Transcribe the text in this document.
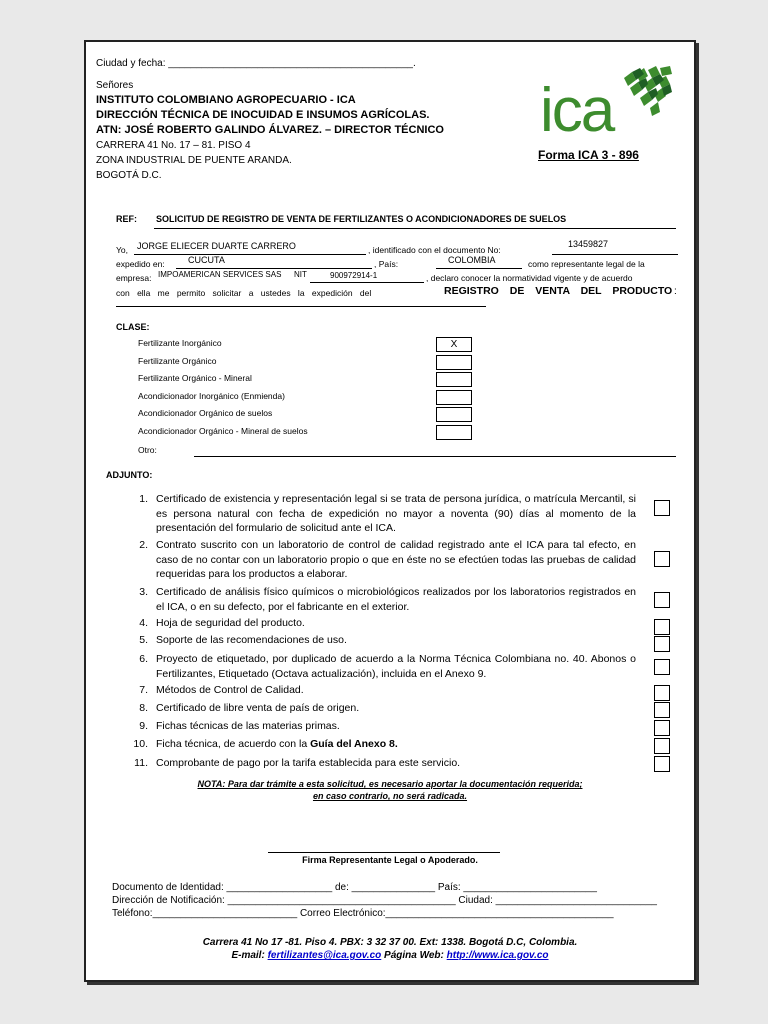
Ciudad y fecha: ____________________________________________.
Señores
INSTITUTO COLOMBIANO AGROPECUARIO - ICA
DIRECCIÓN TÉCNICA DE INOCUIDAD E INSUMOS AGRÍCOLAS.
ATN: JOSÉ ROBERTO GALINDO ÁLVAREZ. – DIRECTOR TÉCNICO
CARRERA 41 No. 17 – 81. PISO 4
ZONA INDUSTRIAL DE PUENTE ARANDA.
BOGOTÁ D.C.
ica
Forma ICA 3 - 896
REF: SOLICITUD DE REGISTRO DE VENTA DE FERTILIZANTES O ACONDICIONADORES DE SUELOS
Yo, JORGE ELIECER DUARTE CARRERO	, identificado con el documento No:
13459827
expedido en:	CUCUTA	, País:	COLOMBIA	como representante legal de la
empresa: IMPOAMERICAN SERVICES SAS NIT	900972914-1	, declaro conocer la normatividad vigente y de acuerdo
con ella me permito solicitar a ustedes la expedición del	REGISTRO DE VENTA DEL PRODUCTO :
CLASE:
Fertilizante Inorgánico	X
Fertilizante Orgánico
Fertilizante Orgánico - Mineral
Acondicionador Inorgánico (Enmienda)
Acondicionador Orgánico de suelos
Acondicionador Orgánico - Mineral de suelos
Otro:
ADJUNTO:
1. Certificado de existencia y representación legal si se trata de persona jurídica, o matrícula Mercantil, si es persona natural con fecha de expedición no mayor a noventa (90) días al momento de la presentación del formulario de solicitud ante el ICA.
2. Contrato suscrito con un laboratorio de control de calidad registrado ante el ICA para tal efecto, en caso de no contar con un laboratorio propio o que en éste no se efectúen todas las pruebas de calidad requeridas para los productos a elaborar.
3. Certificado de análisis físico químicos o microbiológicos realizados por los laboratorios registrados en el ICA, o en su defecto, por el fabricante en el exterior.
4. Hoja de seguridad del producto.
5. Soporte de las recomendaciones de uso.
6. Proyecto de etiquetado, por duplicado de acuerdo a la Norma Técnica Colombiana no. 40. Abonos o Fertilizantes, Etiquetado (Octava actualización), incluida en el Anexo 9.
7. Métodos de Control de Calidad.
8. Certificado de libre venta de país de origen.
9. Fichas técnicas de las materias primas.
10. Ficha técnica, de acuerdo con la Guía del Anexo 8.
11. Comprobante de pago por la tarifa establecida para este servicio.
NOTA: Para dar trámite a esta solicitud, es necesario aportar la documentación requerida;
en caso contrario, no será radicada.
Firma Representante Legal o Apoderado.
Documento de Identidad: ___________________ de: _______________ País: ________________________
Dirección de Notificación: _________________________________________ Ciudad: _____________________________
Teléfono:__________________________ Correo Electrónico:_________________________________________
Carrera 41 No 17 -81. Piso 4. PBX: 3 32 37 00. Ext: 1338. Bogotá D.C, Colombia.
E-mail: fertilizantes@ica.gov.co Página Web: http://www.ica.gov.co
